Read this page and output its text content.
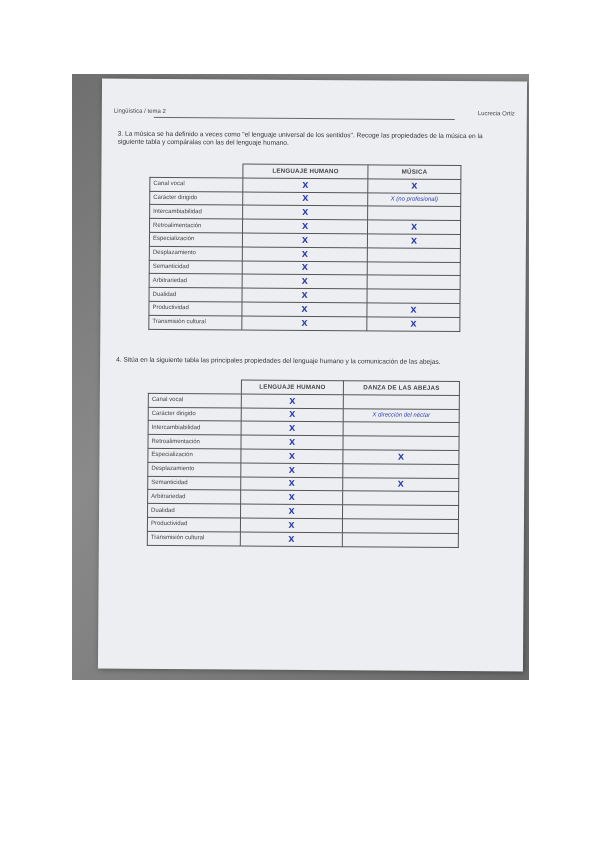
Lingüística / tema 2	Lucrecia Ortiz
3. La música se ha definido a veces como "el lenguaje universal de los sentidos". Recoge las propiedades de la música en la siguiente tabla y compáralas con las del lenguaje humano.
	LENGUAJE HUMANO	MÚSICA
Canal vocal	X	X
Carácter dirigido	X	X (no profesional)
Intercambiabilidad	X	
Retroalimentación	X	X
Especialización	X	X
Desplazamiento	X	
Semanticidad	X	
Arbitrariedad	X	
Dualidad	X	
Productividad	X	X
Transmisión cultural	X	X
4. Sitúa en la siguiente tabla las principales propiedades del lenguaje humano y la comunicación de las abejas.
	LENGUAJE HUMANO	DANZA DE LAS ABEJAS
Canal vocal	X	
Carácter dirigido	X	X dirección del néctar
Intercambiabilidad	X	
Retroalimentación	X	
Especialización	X	X
Desplazamiento	X	
Semanticidad	X	X
Arbitrariedad	X	
Dualidad	X	
Productividad	X	
Transmisión cultural	X	
